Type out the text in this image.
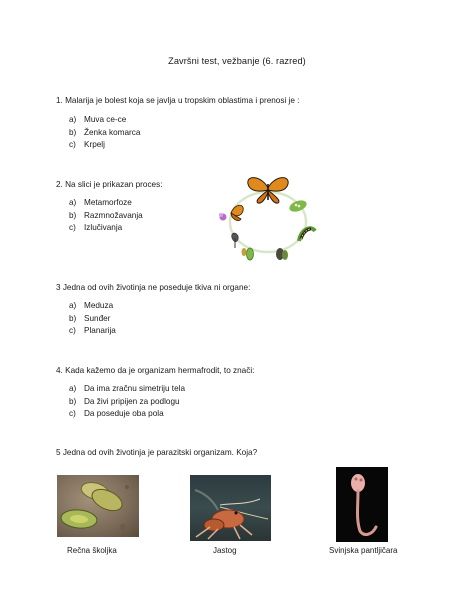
Završni test, vežbanje (6. razred)
1. Malarija je bolest koja se javlja u tropskim oblastima i prenosi je :
a) Muva ce-ce
b) Ženka komarca
c) Krpelj
2. Na slici je prikazan proces:
a) Metamorfoze
b) Razmnožavanja
c) Izlučivanja
3 Jedna od ovih životinja ne poseduje tkiva ni organe:
a) Meduza
b) Sunđer
c) Planarija
4. Kada kažemo da je organizam hermafrodit, to znači:
a) Da ima zračnu simetriju tela
b) Da živi pripijen za podlogu
c) Da poseduje oba pola
5 Jedna od ovih životinja je parazitski organizam. Koja?
Rečna školjka	Jastog	Svinjska pantljičara
